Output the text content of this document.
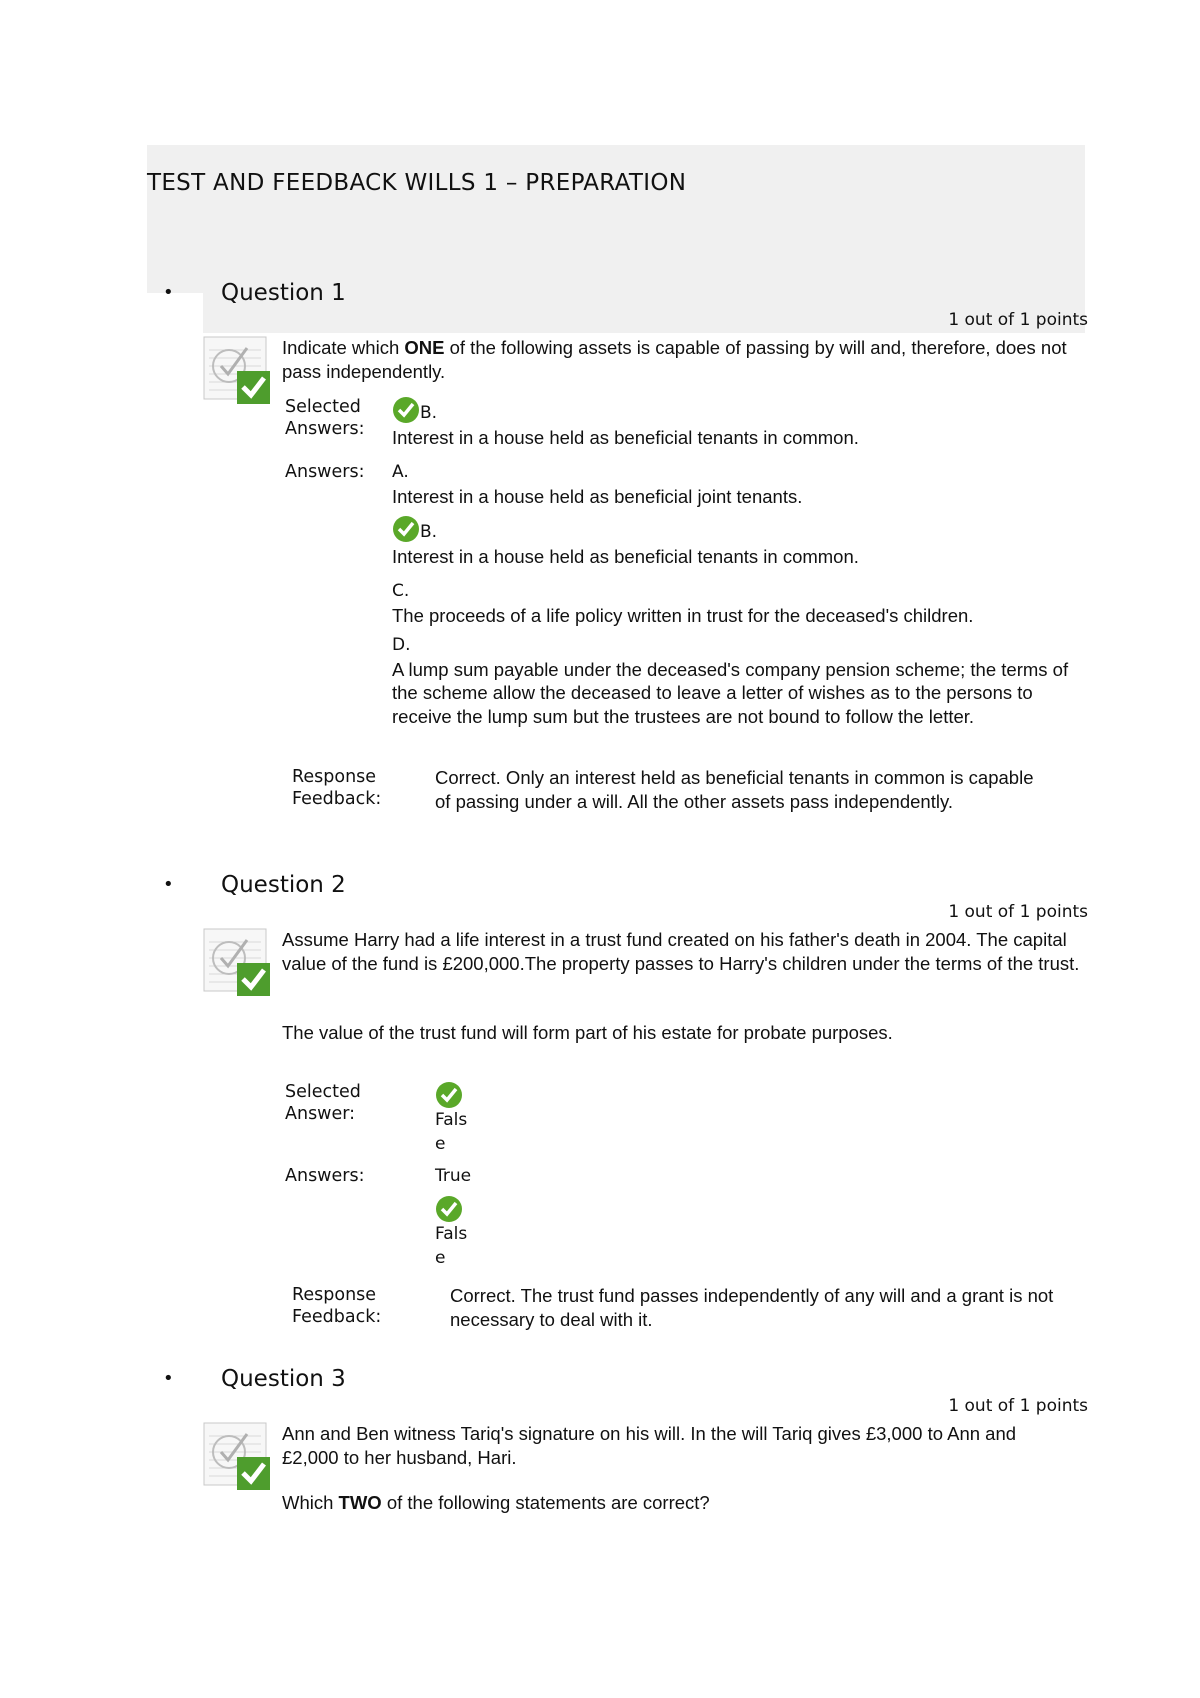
TEST AND FEEDBACK WILLS 1 – PREPARATION
• Question 1
1 out of 1 points
Indicate which ONE of the following assets is capable of passing by will and, therefore, does not pass independently.
Selected
Answers:
B.
Interest in a house held as beneficial tenants in common.
Answers: A.
Interest in a house held as beneficial joint tenants.
B.
Interest in a house held as beneficial tenants in common.
C.
The proceeds of a life policy written in trust for the deceased's children.
D.
A lump sum payable under the deceased's company pension scheme; the terms of the scheme allow the deceased to leave a letter of wishes as to the persons to receive the lump sum but the trustees are not bound to follow the letter.
Response
Feedback:
Correct. Only an interest held as beneficial tenants in common is capable of passing under a will. All the other assets pass independently.
• Question 2
1 out of 1 points
Assume Harry had a life interest in a trust fund created on his father's death in 2004. The capital value of the fund is £200,000.The property passes to Harry's children under the terms of the trust.
The value of the trust fund will form part of his estate for probate purposes.
Selected
Answer:	Fals
e
Answers:	True
Fals
e
Response
Feedback:
Correct. The trust fund passes independently of any will and a grant is not necessary to deal with it.
• Question 3
1 out of 1 points
Ann and Ben witness Tariq's signature on his will. In the will Tariq gives £3,000 to Ann and £2,000 to her husband, Hari.
Which TWO of the following statements are correct?
